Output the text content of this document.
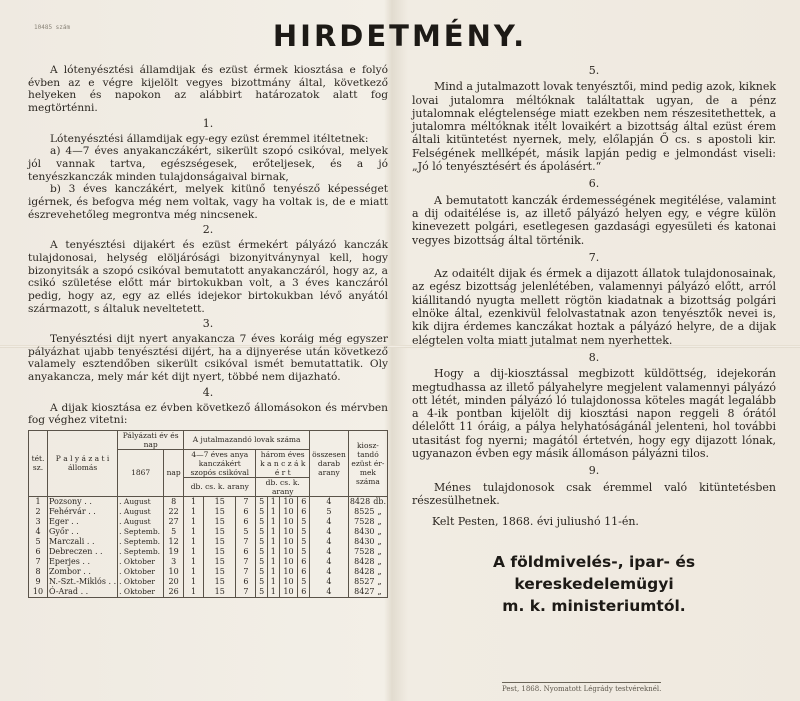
10485 szám	HIRDETMÉNY.

A lótenyésztési államdijak és ezüst érmek kiosztása e folyó évben az e végre kijelölt vegyes bizottmány által, következő helyeken és napokon az alábbirt határozatok alatt fog megtörténni.

1.

Lótenyésztési államdijak egy-egy ezüst éremmel itéltetnek:

a) 4—7 éves anyakanczákért, sikerült szopó csikóval, melyek jól vannak tartva, egészségesek, erőteljesek, és a jó tenyészkanczák minden tulajdonságaival birnak,

b) 3 éves kanczákért, melyek kitünő tenyésző képességet igérnek, és befogva még nem voltak, vagy ha voltak is, de e miatt észrevehetőleg megrontva még nincsenek.

2.

A tenyésztési dijakért és ezüst érmekért pályázó kanczák tulajdonosai, helység elöljárósági bizonyitványnyal kell, hogy bizonyitsák a szopó csikóval bemutatott anyakanczáról, hogy az, a csikó születése előtt már birtokukban volt, a 3 éves kanczáról pedig, hogy az, egy az ellés idejekor birtokukban lévő anyától származott, s általuk neveltetett.

3.

Tenyésztési dijt nyert anyakanczа 7 éves koráig még egyszer pályázhat ujabb tenyésztési dijért, ha a dijnyerése után következő valamely esztendőben sikerült csikóval ismét bemutattatik. Oly anyakancza, mely már két dijt nyert, többé nem dijazható.

4.

A dijak kiosztása ez évben következő állomásokon és mérvben fog véghez vitetni:

tét. sz.	P a l y á z a t i állomás	Pályázati év és nap		A jutalmazandó lovak száma							összesen darab arany	kiosz-tandó ezüst ér-mek száma
		1867	nap	4—7 éves anya kanczákért szopós csikóval			három éves k a n c z á k é r t					
				db. cs. k. arany			db. cs. k. arany					
1	Pozsony . .	. August	8	1	15	7	5	1	10	6	4	8428 db.
2	Fehérvár . .	. August	22	1	15	6	5	1	10	6	5	8525 „
3	Eger . .	. August	27	1	15	6	5	1	10	5	4	7528 „
4	Győr . .	. Septemb.	5	1	15	5	5	1	10	5	4	8430 „
5	Marczali . .	. Septemb.	12	1	15	7	5	1	10	5	4	8430 „
6	Debreczen . .	. Septemb.	19	1	15	6	5	1	10	5	4	7528 „
7	Eperjes . .	. Oktober	3	1	15	7	5	1	10	6	4	8428 „
8	Zombor . .	. Oktober	10	1	15	7	5	1	10	6	4	8428 „
9	N.-Szt.-Miklós . .	. Oktober	20	1	15	6	5	1	10	5	4	8527 „
10	Ó-Arad . .	. Oktober	26	1	15	7	5	1	10	6	4	8427 „
5.

Mind a jutalmazott lovak tenyésztői, mind pedig azok, kiknek lovai jutalomra méltóknak találtattak ugyan, de a pénz jutalomnak elégtelensége miatt ezekben nem részesitethettek, a jutalomra méltóknak itélt lovaikért a bizottság által ezüst érem általi kitüntetést nyernek, mely, előlapján Ő cs. s apostoli kir. Felségének mellképét, másik lapján pedig e jelmondást viseli: „Jó ló tenyésztésért és ápolásért.“

6.

A bemutatott kanczák érdemességének megitélése, valamint a dij odaitélése is, az illető pályázó helyen egy, e végre külön kinevezett polgári, esetlegesen gazdasági egyesületi és katonai vegyes bizottság által történik.

7.

Az odaitélt dijak és érmek a dijazott állatok tulajdonosainak, az egész bizottság jelenlétében, valamennyi pályázó előtt, arról kiállitandó nyugta mellett rögtön kiadatnak a bizottság polgári elnöke által, ezenkivül felolvastatnak azon tenyésztők nevei is, kik dijra érdemes kanczákat hoztak a pályázó helyre, de a dijak elégtelen volta miatt jutalmat nem nyerhettek.

8.

Hogy a dij-kiosztással megbizott küldöttség, idejekorán megtudhassa az illető pályahelyre megjelent valamennyi pályázó ott létét, minden pályázó ló tulajdonossa köteles magát legalább a 4-ik pontban kijelölt dij kiosztási napon reggeli 8 órától délelőtt 11 óráig, a pálya helyhatóságánál jelenteni, hol további utasitást fog nyerni; magától értetvén, hogy egy dijazott lónak, ugyanazon évben egy másik állomáson pályázni tilos.

9.

Ménes tulajdonosok csak éremmel való kitüntetésben részesülhetnek.

Kelt Pesten, 1868. évi juliushó 11-én.
A földmivelés-, ipar- és kereskedelemügyi
m. k. ministeriumtól.
Pest, 1868. Nyomatott Légrády testvéreknél.
